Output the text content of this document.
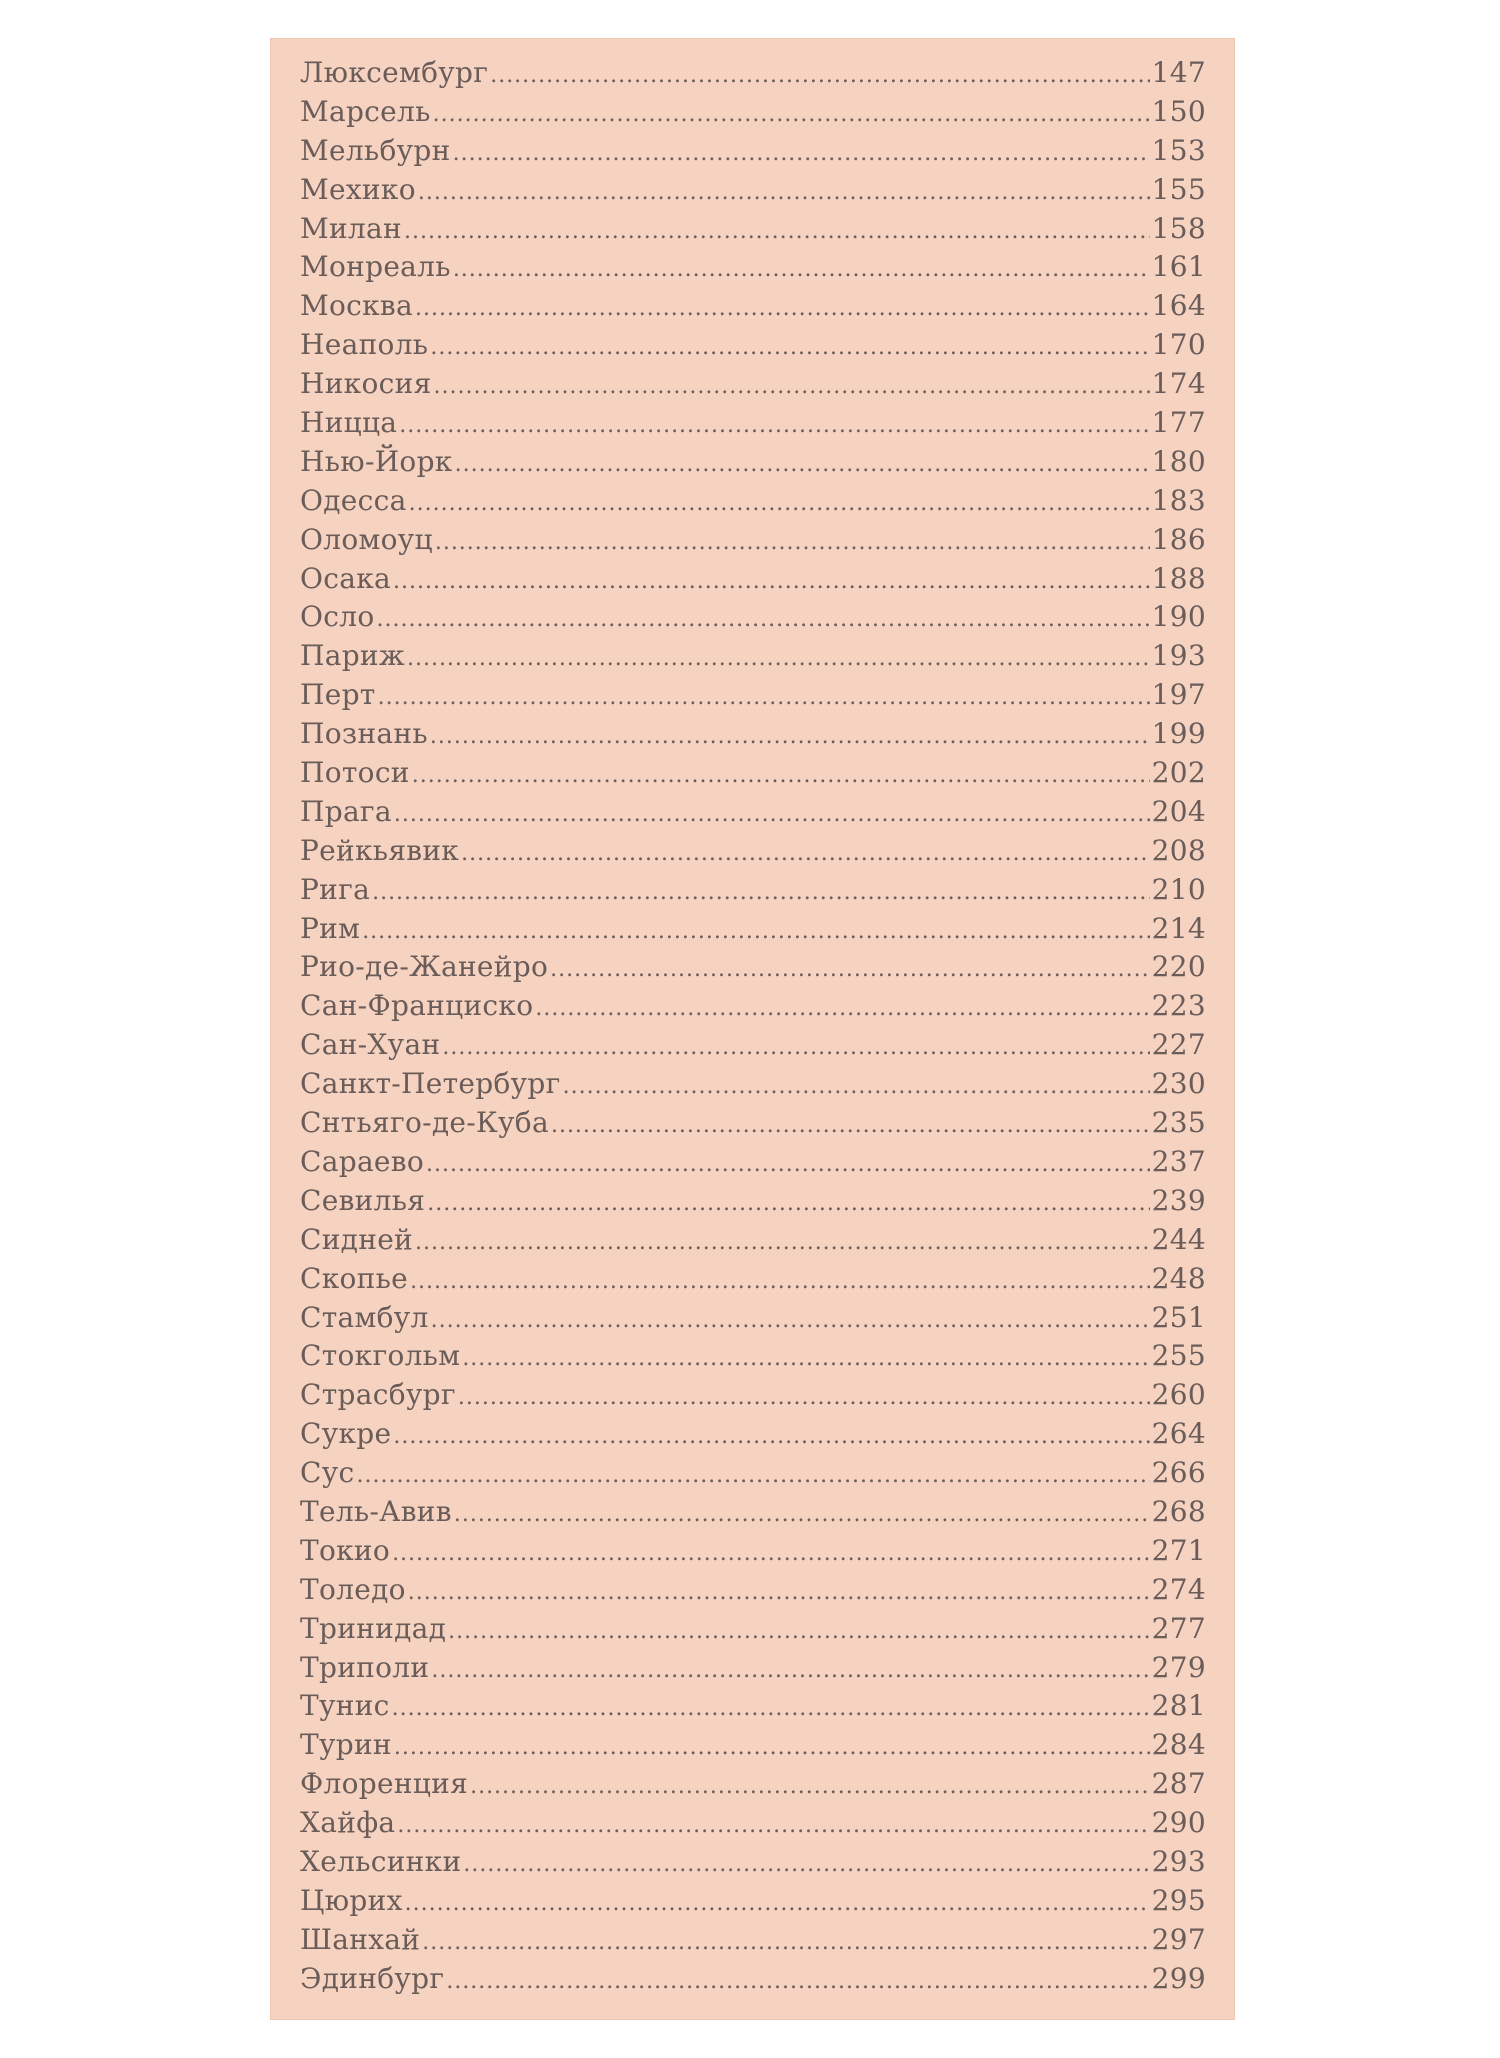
Люксембург .....	147
Марсель .....	150
Мельбурн .....	153
Мехико .....	155
Милан .....	158
Монреаль .....	161
Москва .....	164
Неаполь .....	170
Никосия .....	174
Ницца .....	177
Нью-Йорк .....	180
Одесса .....	183
Оломоуц .....	186
Осака .....	188
Осло .....	190
Париж .....	193
Перт .....	197
Познань .....	199
Потоси .....	202
Прага .....	204
Рейкьявик .....	208
Рига .....	210
Рим .....	214
Рио-де-Жанейро .....	220
Сан-Франциско .....	223
Сан-Хуан .....	227
Санкт-Петербург .....	230
Снтьяго-де-Куба .....	235
Сараево .....	237
Севилья .....	239
Сидней .....	244
Скопье .....	248
Стамбул .....	251
Стокгольм .....	255
Страсбург .....	260
Сукре .....	264
Сус .....	266
Тель-Авив .....	268
Токио .....	271
Толедо .....	274
Тринидад .....	277
Триполи .....	279
Тунис .....	281
Турин .....	284
Флоренция .....	287
Хайфа .....	290
Хельсинки .....	293
Цюрих .....	295
Шанхай .....	297
Эдинбург .....	299
